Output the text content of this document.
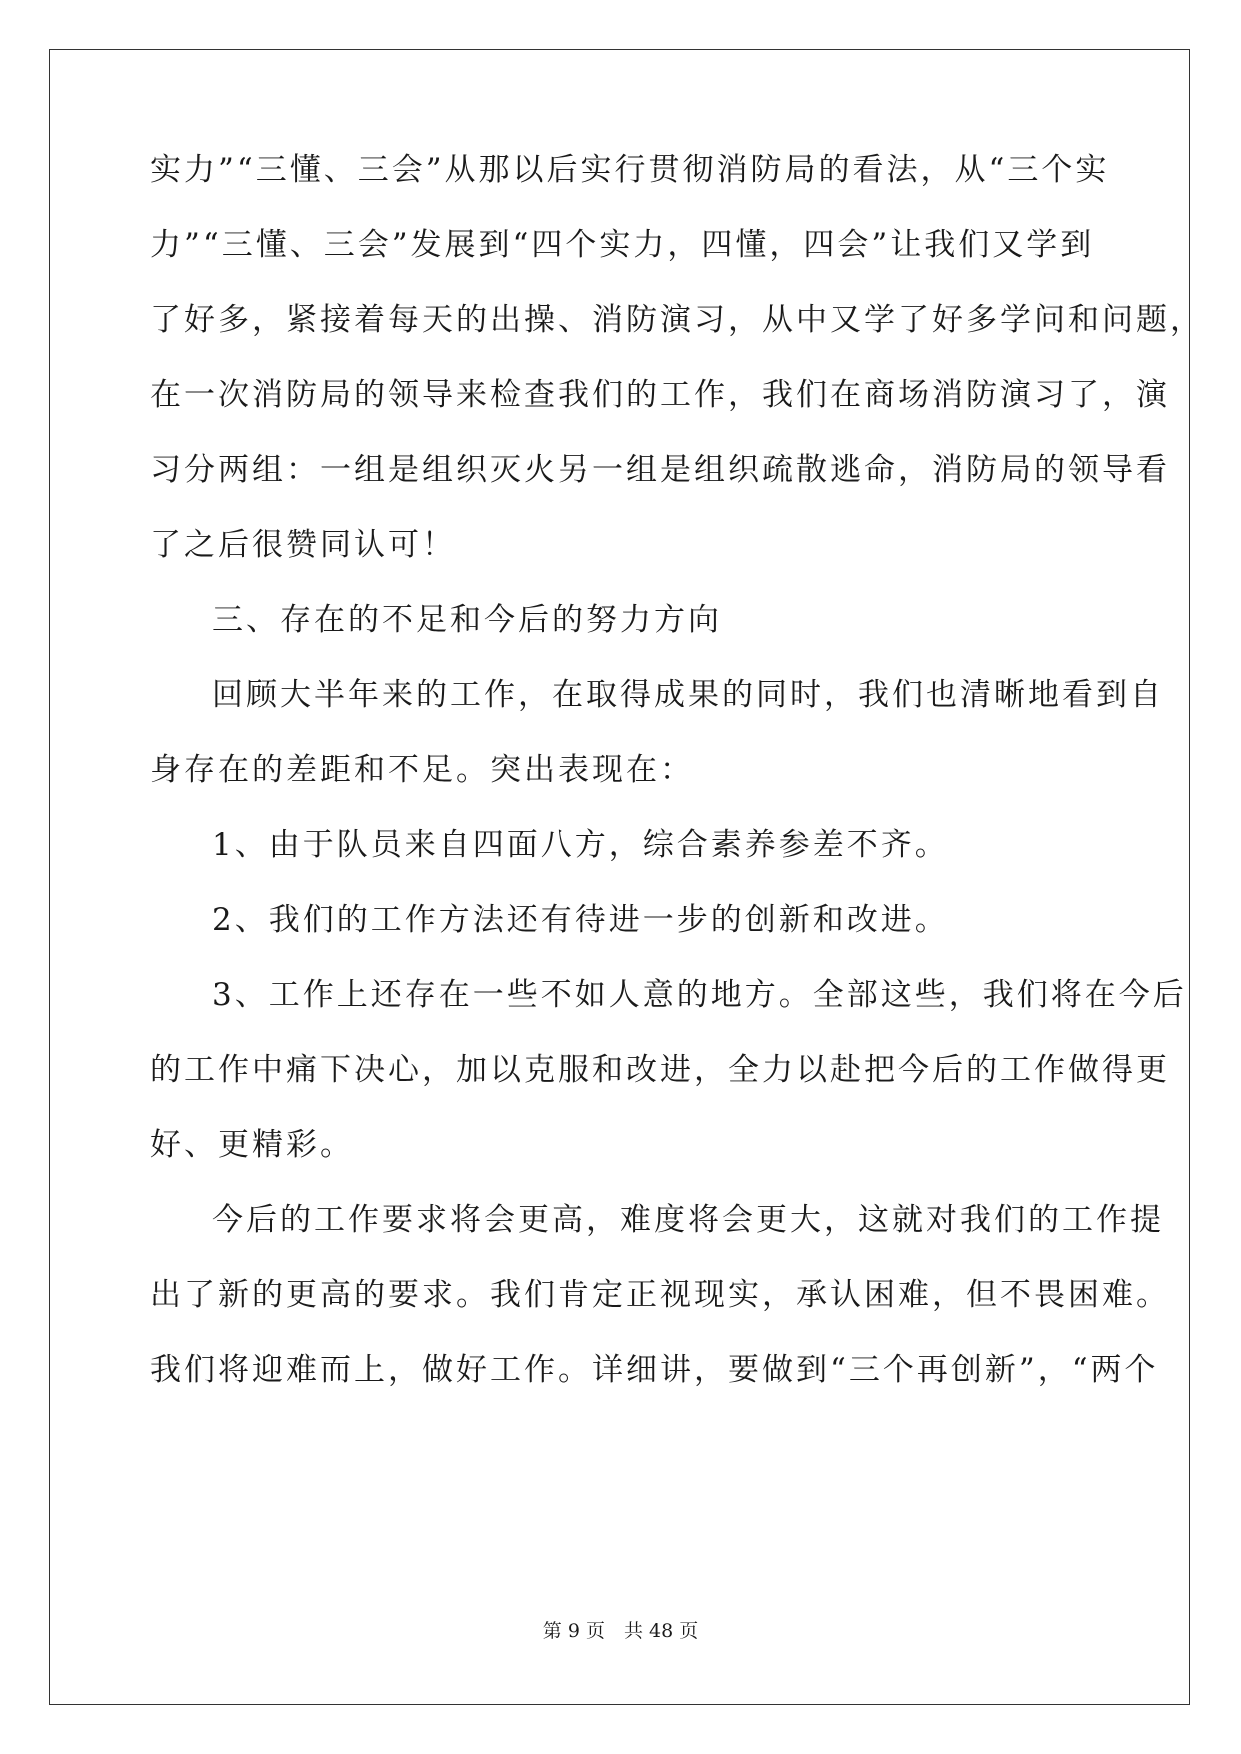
实力”“三懂、三会”从那以后实行贯彻消防局的看法，从“三个实
力”“三懂、三会”发展到“四个实力，四懂，四会”让我们又学到
了好多，紧接着每天的出操、消防演习，从中又学了好多学问和问题，
在一次消防局的领导来检查我们的工作，我们在商场消防演习了，演
习分两组：一组是组织灭火另一组是组织疏散逃命，消防局的领导看
了之后很赞同认可！
三、存在的不足和今后的努力方向
回顾大半年来的工作，在取得成果的同时，我们也清晰地看到自
身存在的差距和不足。突出表现在：
1、由于队员来自四面八方，综合素养参差不齐。
2、我们的工作方法还有待进一步的创新和改进。
3、工作上还存在一些不如人意的地方。全部这些，我们将在今后
的工作中痛下决心，加以克服和改进，全力以赴把今后的工作做得更
好、更精彩。
今后的工作要求将会更高，难度将会更大，这就对我们的工作提
出了新的更高的要求。我们肯定正视现实，承认困难，但不畏困难。
我们将迎难而上，做好工作。详细讲，要做到“三个再创新”，“两个
第 9 页　共 48 页
